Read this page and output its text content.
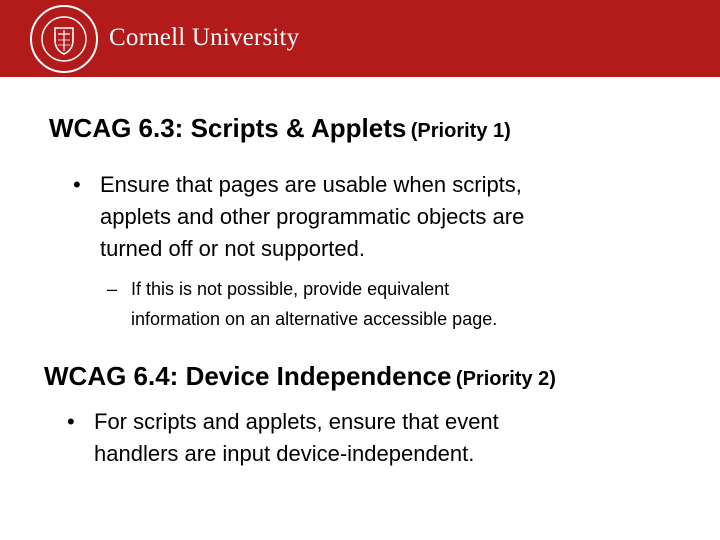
Cornell University
WCAG 6.3: Scripts & Applets (Priority 1)
• Ensure that pages are usable when scripts,
applets and other programmatic objects are
turned off or not supported.
– If this is not possible, provide equivalent
information on an alternative accessible page.
WCAG 6.4: Device Independence (Priority 2)
• For scripts and applets, ensure that event
handlers are input device-independent.
